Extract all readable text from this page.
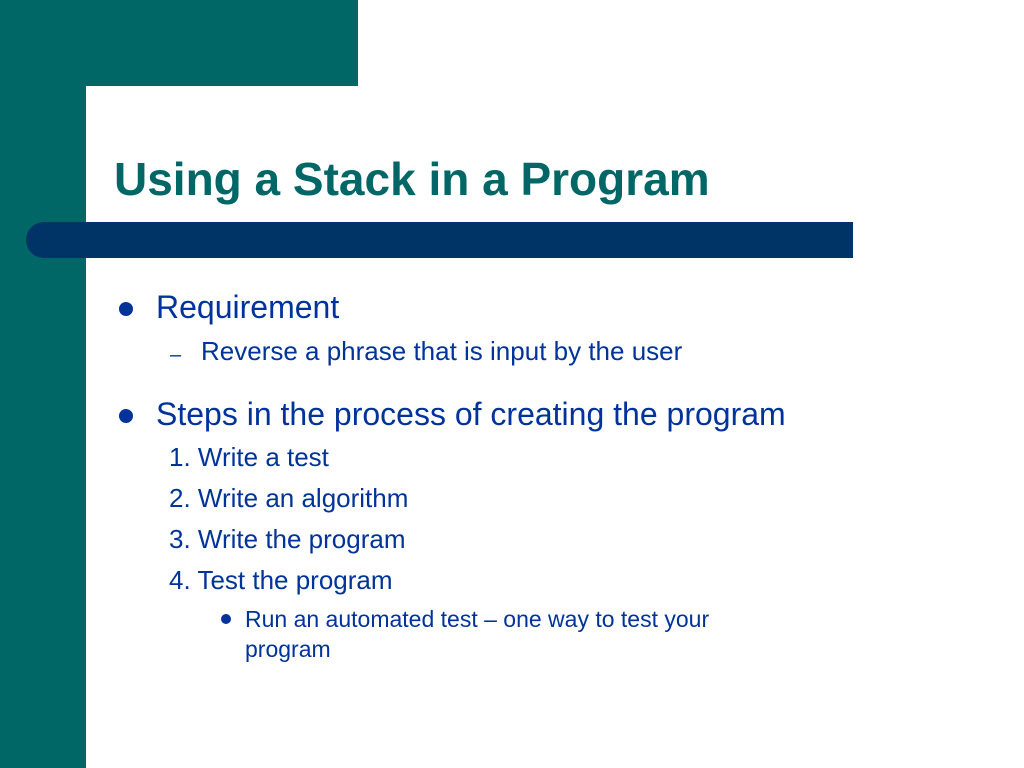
Using a Stack in a Program

Requirement

– Reverse a phrase that is input by the user

Steps in the process of creating the program

1. Write a test

2. Write an algorithm

3. Write the program

4. Test the program

Run an automated test – one way to test your

program
